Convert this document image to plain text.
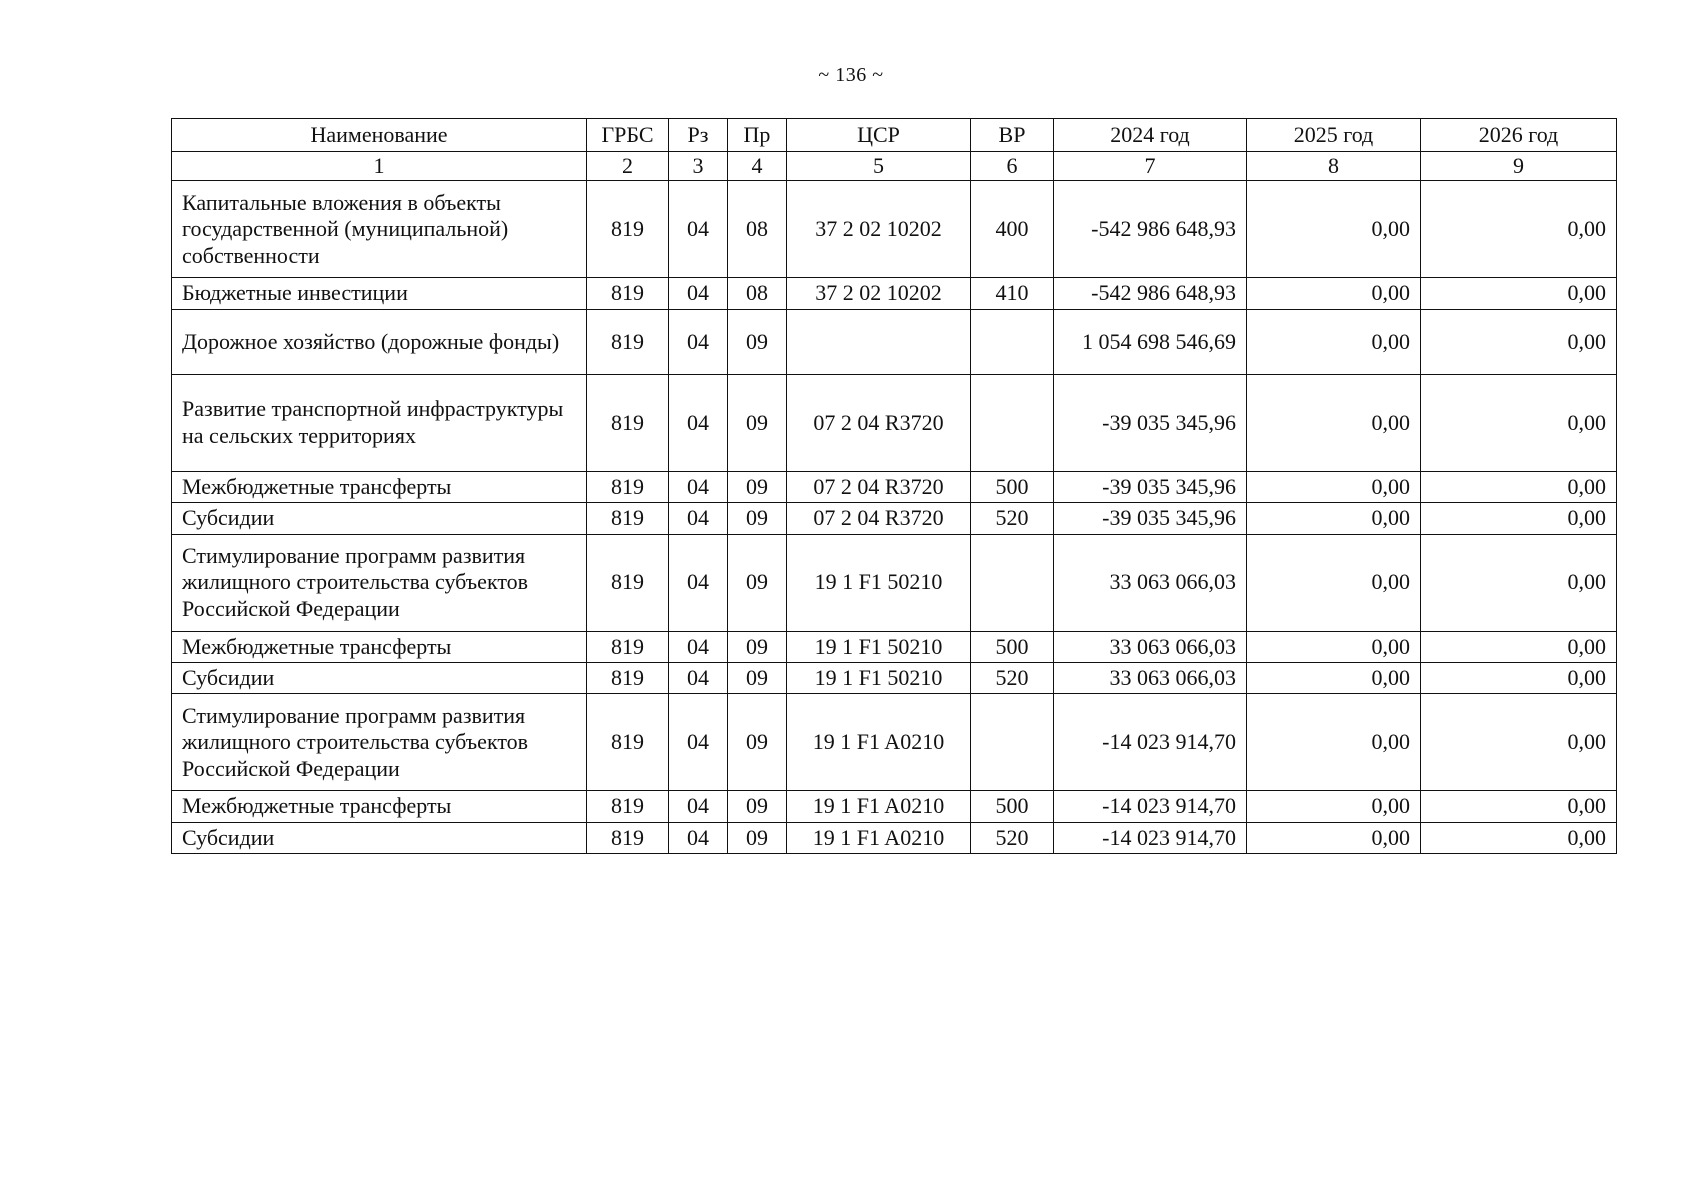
~ 136 ~
Наименование	ГРБС	Рз	Пр	ЦСР	ВР	2024 год	2025 год	2026 год
1	2	3	4	5	6	7	8	9
Капитальные вложения в объекты государственной (муниципальной) собственности	819	04	08	37 2 02 10202	400	-542 986 648,93	0,00	0,00
Бюджетные инвестиции	819	04	08	37 2 02 10202	410	-542 986 648,93	0,00	0,00
Дорожное хозяйство (дорожные фонды)	819	04	09			1 054 698 546,69	0,00	0,00
Развитие транспортной инфраструктуры на сельских территориях	819	04	09	07 2 04 R3720		-39 035 345,96	0,00	0,00
Межбюджетные трансферты	819	04	09	07 2 04 R3720	500	-39 035 345,96	0,00	0,00
Субсидии	819	04	09	07 2 04 R3720	520	-39 035 345,96	0,00	0,00
Стимулирование программ развития жилищного строительства субъектов Российской Федерации	819	04	09	19 1 F1 50210		33 063 066,03	0,00	0,00
Межбюджетные трансферты	819	04	09	19 1 F1 50210	500	33 063 066,03	0,00	0,00
Субсидии	819	04	09	19 1 F1 50210	520	33 063 066,03	0,00	0,00
Стимулирование программ развития жилищного строительства субъектов Российской Федерации	819	04	09	19 1 F1 A0210		-14 023 914,70	0,00	0,00
Межбюджетные трансферты	819	04	09	19 1 F1 A0210	500	-14 023 914,70	0,00	0,00
Субсидии	819	04	09	19 1 F1 A0210	520	-14 023 914,70	0,00	0,00
